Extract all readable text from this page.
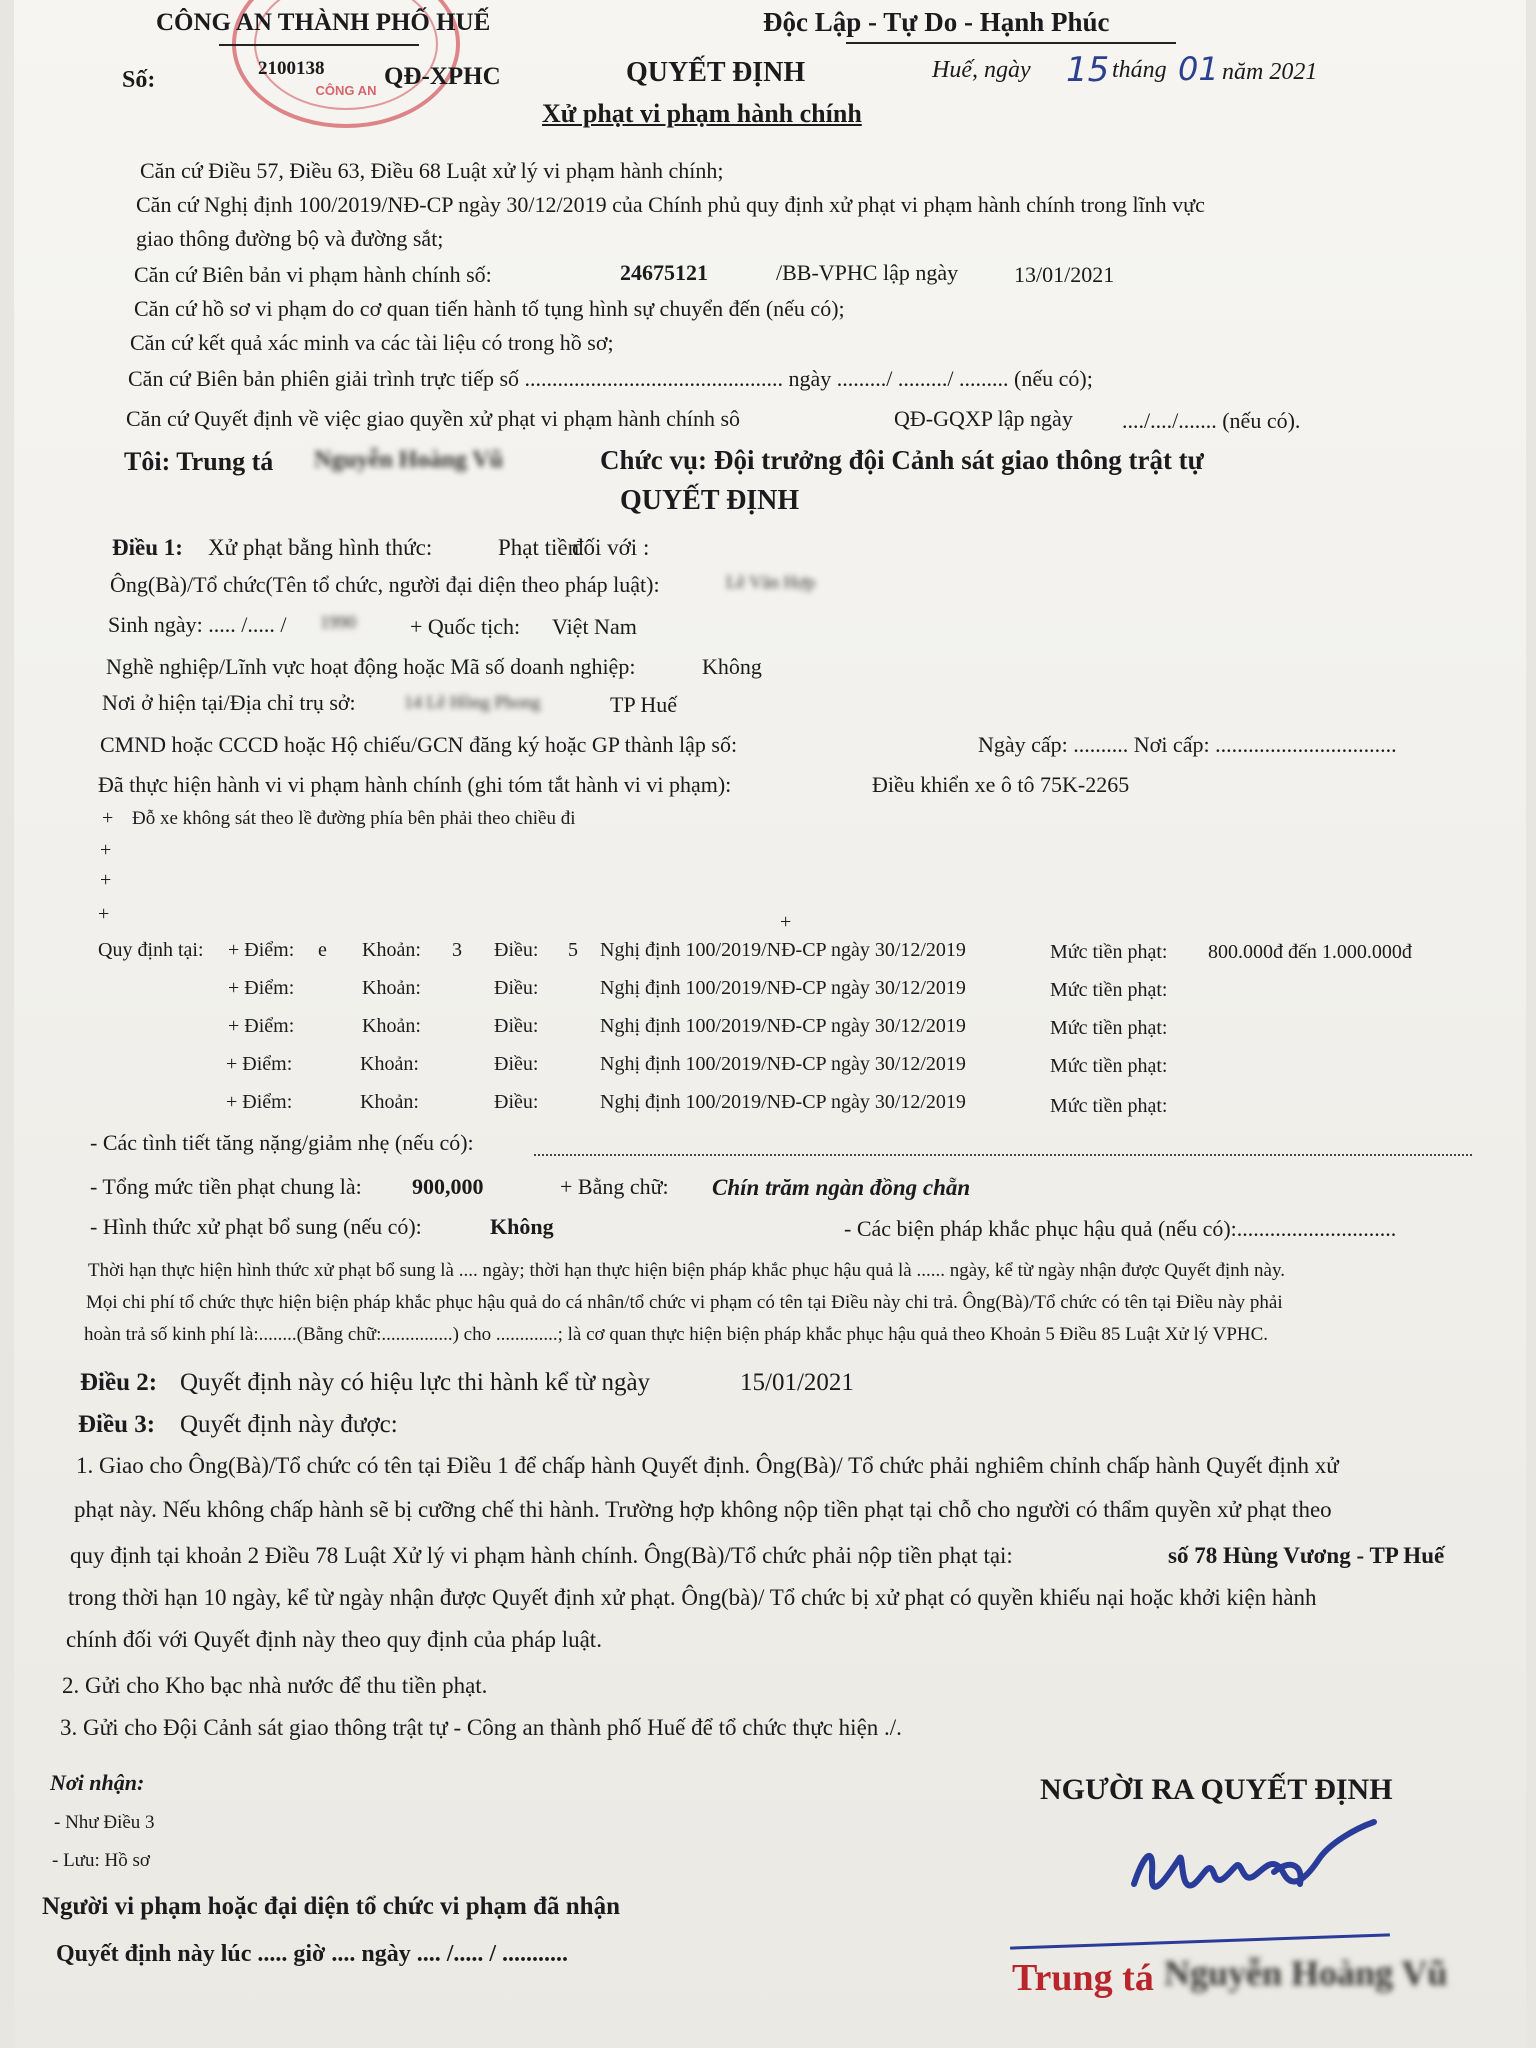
CÔNG AN
CÔNG AN THÀNH PHỐ HUẾ	Độc Lập - Tự Do - Hạnh Phúc
Số:	2100138 QĐ-XPHC	QUYẾT ĐỊNH	Huế, ngày 15 tháng 01 năm 2021
Xử phạt vi phạm hành chính
Căn cứ Điều 57, Điều 63, Điều 68 Luật xử lý vi phạm hành chính;
Căn cứ Nghị định 100/2019/NĐ-CP ngày 30/12/2019 của Chính phủ quy định xử phạt vi phạm hành chính trong lĩnh vực
giao thông đường bộ và đường sắt;
Căn cứ Biên bản vi phạm hành chính số:	24675121	/BB-VPHC lập ngày	13/01/2021
Căn cứ hồ sơ vi phạm do cơ quan tiến hành tố tụng hình sự chuyển đến (nếu có);
Căn cứ kết quả xác minh va các tài liệu có trong hồ sơ;
Căn cứ Biên bản phiên giải trình trực tiếp số ............................................... ngày ........./ ........./ ......... (nếu có);
Căn cứ Quyết định về việc giao quyền xử phạt vi phạm hành chính sô	QĐ-GQXP lập ngày ..../..../....... (nếu có).
Tôi: Trung tá Nguyễn Hoàng Vũ	Chức vụ: Đội trưởng đội Cảnh sát giao thông trật tự
QUYẾT ĐỊNH
Điều 1: Xử phạt bằng hình thức:	Phạt tiền
đối với :
Ông(Bà)/Tổ chức(Tên tổ chức, người đại diện theo pháp luật):	Lê Văn Hợp
Sinh ngày: ..... /..... / 1990 + Quốc tịch: Việt Nam
Nghề nghiệp/Lĩnh vực hoạt động hoặc Mã số doanh nghiệp:	Không
Nơi ở hiện tại/Địa chỉ trụ sở:	14 Lê Hồng Phong	TP Huế
CMND hoặc CCCD hoặc Hộ chiếu/GCN đăng ký hoặc GP thành lập số:	Ngày cấp: .......... Nơi cấp: .................................
Đã thực hiện hành vi vi phạm hành chính (ghi tóm tắt hành vi vi phạm):	Điều khiển xe ô tô 75K-2265
+ Đỗ xe không sát theo lề đường phía bên phải theo chiều đi
+
+
+	+
Quy định tại: + Điểm: e Khoản: 3 Điều: 5 Nghị định 100/2019/NĐ-CP ngày 30/12/2019	Mức tiền phạt: 800.000đ đến 1.000.000đ
+ Điểm:	Khoản:	Điều:	Nghị định 100/2019/NĐ-CP ngày 30/12/2019	Mức tiền phạt:
+ Điểm:	Khoản:	Điều:	Nghị định 100/2019/NĐ-CP ngày 30/12/2019	Mức tiền phạt:
+ Điểm:	Khoản:	Điều:	Nghị định 100/2019/NĐ-CP ngày 30/12/2019	Mức tiền phạt:
+ Điểm:	Khoản:	Điều:	Nghị định 100/2019/NĐ-CP ngày 30/12/2019	Mức tiền phạt:
- Các tình tiết tăng nặng/giảm nhẹ (nếu có):
- Tổng mức tiền phạt chung là: 900,000	+ Bằng chữ: Chín trăm ngàn đồng chẵn
- Hình thức xử phạt bổ sung (nếu có):	Không	- Các biện pháp khắc phục hậu quả (nếu có):.............................
Thời hạn thực hiện hình thức xử phạt bổ sung là .... ngày; thời hạn thực hiện biện pháp khắc phục hậu quả là ...... ngày, kể từ ngày nhận được Quyết định này.
Mọi chi phí tổ chức thực hiện biện pháp khắc phục hậu quả do cá nhân/tổ chức vi phạm có tên tại Điều này chi trả. Ông(Bà)/Tổ chức có tên tại Điều này phải
hoàn trả số kinh phí là:........(Bằng chữ:...............) cho .............; là cơ quan thực hiện biện pháp khắc phục hậu quả theo Khoản 5 Điều 85 Luật Xử lý VPHC.
Điều 2: Quyết định này có hiệu lực thi hành kể từ ngày	15/01/2021
Điều 3: Quyết định này được:
1. Giao cho Ông(Bà)/Tổ chức có tên tại Điều 1 để chấp hành Quyết định. Ông(Bà)/ Tổ chức phải nghiêm chỉnh chấp hành Quyết định xử
phạt này. Nếu không chấp hành sẽ bị cưỡng chế thi hành. Trường hợp không nộp tiền phạt tại chỗ cho người có thẩm quyền xử phạt theo
quy định tại khoản 2 Điều 78 Luật Xử lý vi phạm hành chính. Ông(Bà)/Tổ chức phải nộp tiền phạt tại:	số 78 Hùng Vương - TP Huế
trong thời hạn 10 ngày, kể từ ngày nhận được Quyết định xử phạt. Ông(bà)/ Tổ chức bị xử phạt có quyền khiếu nại hoặc khởi kiện hành
chính đối với Quyết định này theo quy định của pháp luật.
2. Gửi cho Kho bạc nhà nước để thu tiền phạt.
3. Gửi cho Đội Cảnh sát giao thông trật tự - Công an thành phố Huế để tổ chức thực hiện ./.
Nơi nhận:
- Như Điều 3
- Lưu: Hồ sơ
Người vi phạm hoặc đại diện tổ chức vi phạm đã nhận
Quyết định này lúc ..... giờ .... ngày .... /..... / ...........
NGƯỜI RA QUYẾT ĐỊNH
Trung tá Nguyễn Hoàng Vũ
